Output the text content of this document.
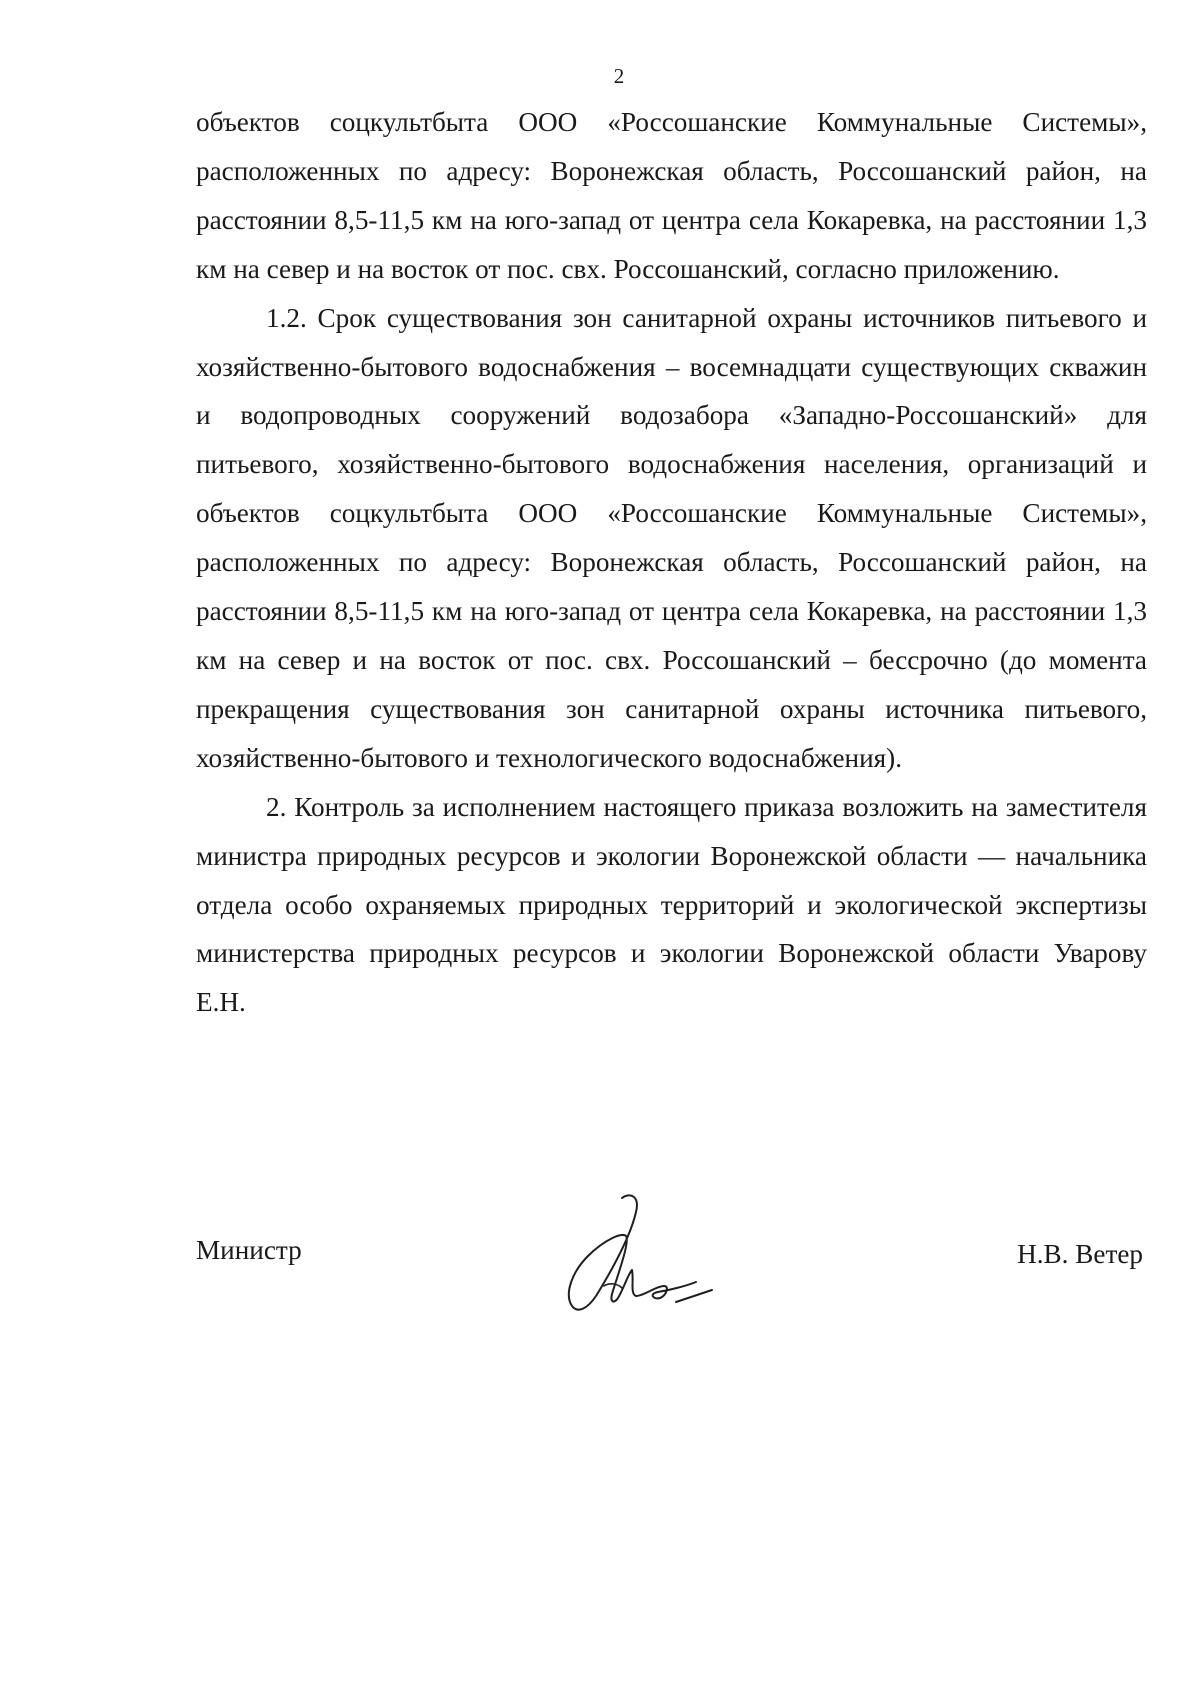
2

объектов соцкультбыта ООО «Россошанские Коммунальные Системы», расположенных по адресу: Воронежская область, Россошанский район, на расстоянии 8,5-11,5 км на юго-запад от центра села Кокаревка, на расстоянии 1,3 км на север и на восток от пос. свх. Россошанский, согласно приложению.

1.2. Срок существования зон санитарной охраны источников питьевого и хозяйственно-бытового водоснабжения – восемнадцати существующих скважин и водопроводных сооружений водозабора «Западно-Россошанский» для питьевого, хозяйственно-бытового водоснабжения населения, организаций и объектов соцкультбыта ООО «Россошанские Коммунальные Системы», расположенных по адресу: Воронежская область, Россошанский район, на расстоянии 8,5-11,5 км на юго-запад от центра села Кокаревка, на расстоянии 1,3 км на север и на восток от пос. свх. Россошанский – бессрочно (до момента прекращения существования зон санитарной охраны источника питьевого, хозяйственно-бытового и технологического водоснабжения).

2. Контроль за исполнением настоящего приказа возложить на заместителя министра природных ресурсов и экологии Воронежской области — начальника отдела особо охраняемых природных территорий и экологической экспертизы министерства природных ресурсов и экологии Воронежской области Уварову Е.Н.

Министр	Н.В. Ветер
